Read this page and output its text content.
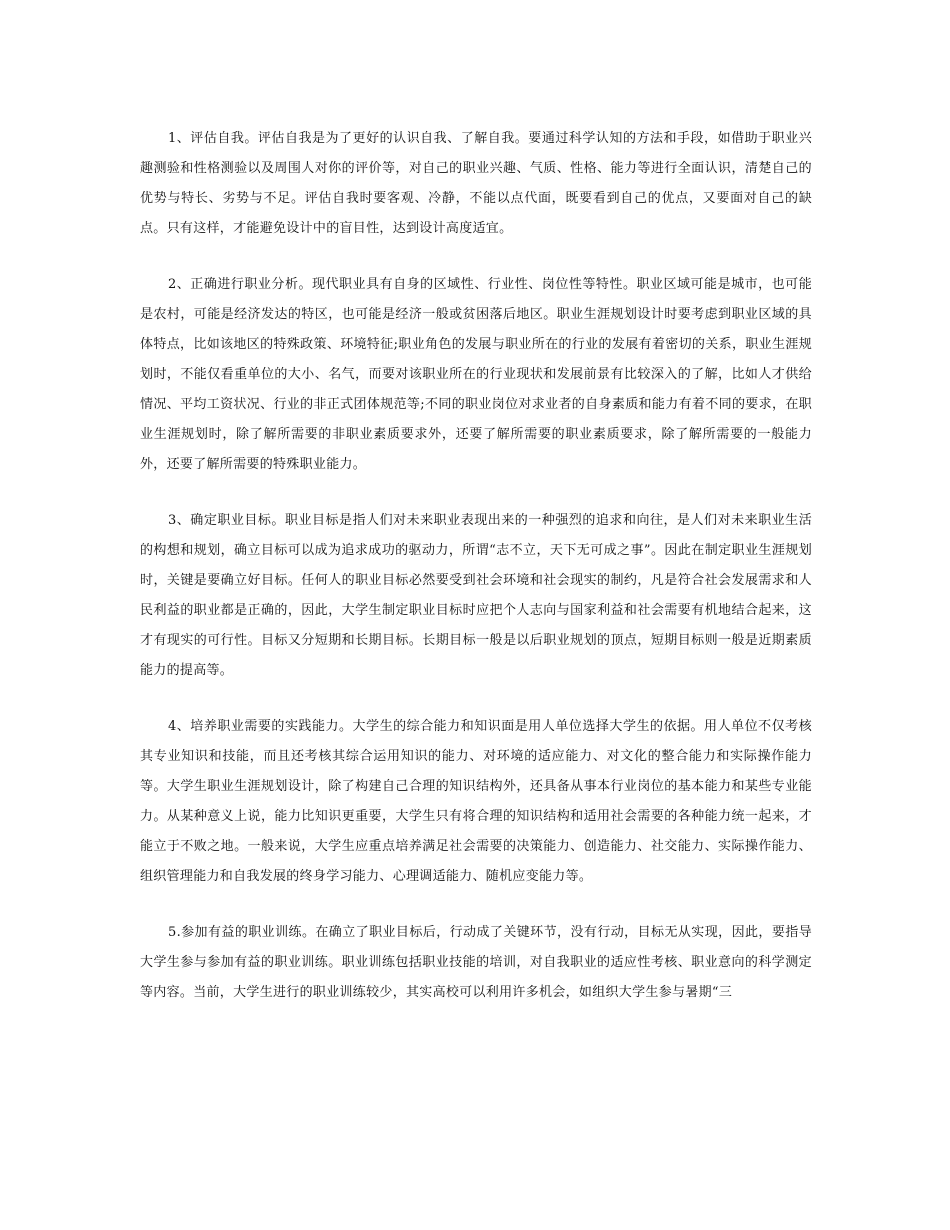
1、评估自我。评估自我是为了更好的认识自我、了解自我。要通过科学认知的方法和手段，如借助于职业兴趣测验和性格测验以及周围人对你的评价等，对自己的职业兴趣、气质、性格、能力等进行全面认识，清楚自己的优势与特长、劣势与不足。评估自我时要客观、冷静，不能以点代面，既要看到自己的优点，又要面对自己的缺点。只有这样，才能避免设计中的盲目性，达到设计高度适宜。

2、正确进行职业分析。现代职业具有自身的区域性、行业性、岗位性等特性。职业区域可能是城市，也可能是农村，可能是经济发达的特区，也可能是经济一般或贫困落后地区。职业生涯规划设计时要考虑到职业区域的具体特点，比如该地区的特殊政策、环境特征;职业角色的发展与职业所在的行业的发展有着密切的关系，职业生涯规划时，不能仅看重单位的大小、名气，而要对该职业所在的行业现状和发展前景有比较深入的了解，比如人才供给情况、平均工资状况、行业的非正式团体规范等;不同的职业岗位对求业者的自身素质和能力有着不同的要求，在职业生涯规划时，除了解所需要的非职业素质要求外，还要了解所需要的职业素质要求，除了解所需要的一般能力外，还要了解所需要的特殊职业能力。

3、确定职业目标。职业目标是指人们对未来职业表现出来的一种强烈的追求和向往，是人们对未来职业生活的构想和规划，确立目标可以成为追求成功的驱动力，所谓“志不立，天下无可成之事”。因此在制定职业生涯规划时，关键是要确立好目标。任何人的职业目标必然要受到社会环境和社会现实的制约，凡是符合社会发展需求和人民利益的职业都是正确的，因此，大学生制定职业目标时应把个人志向与国家利益和社会需要有机地结合起来，这才有现实的可行性。目标又分短期和长期目标。长期目标一般是以后职业规划的顶点，短期目标则一般是近期素质能力的提高等。

4、培养职业需要的实践能力。大学生的综合能力和知识面是用人单位选择大学生的依据。用人单位不仅考核其专业知识和技能，而且还考核其综合运用知识的能力、对环境的适应能力、对文化的整合能力和实际操作能力等。大学生职业生涯规划设计，除了构建自己合理的知识结构外，还具备从事本行业岗位的基本能力和某些专业能力。从某种意义上说，能力比知识更重要，大学生只有将合理的知识结构和适用社会需要的各种能力统一起来，才能立于不败之地。一般来说，大学生应重点培养满足社会需要的决策能力、创造能力、社交能力、实际操作能力、组织管理能力和自我发展的终身学习能力、心理调适能力、随机应变能力等。

5.参加有益的职业训练。在确立了职业目标后，行动成了关键环节，没有行动，目标无从实现，因此，要指导大学生参与参加有益的职业训练。职业训练包括职业技能的培训，对自我职业的适应性考核、职业意向的科学测定等内容。当前，大学生进行的职业训练较少，其实高校可以利用许多机会，如组织大学生参与暑期“三
